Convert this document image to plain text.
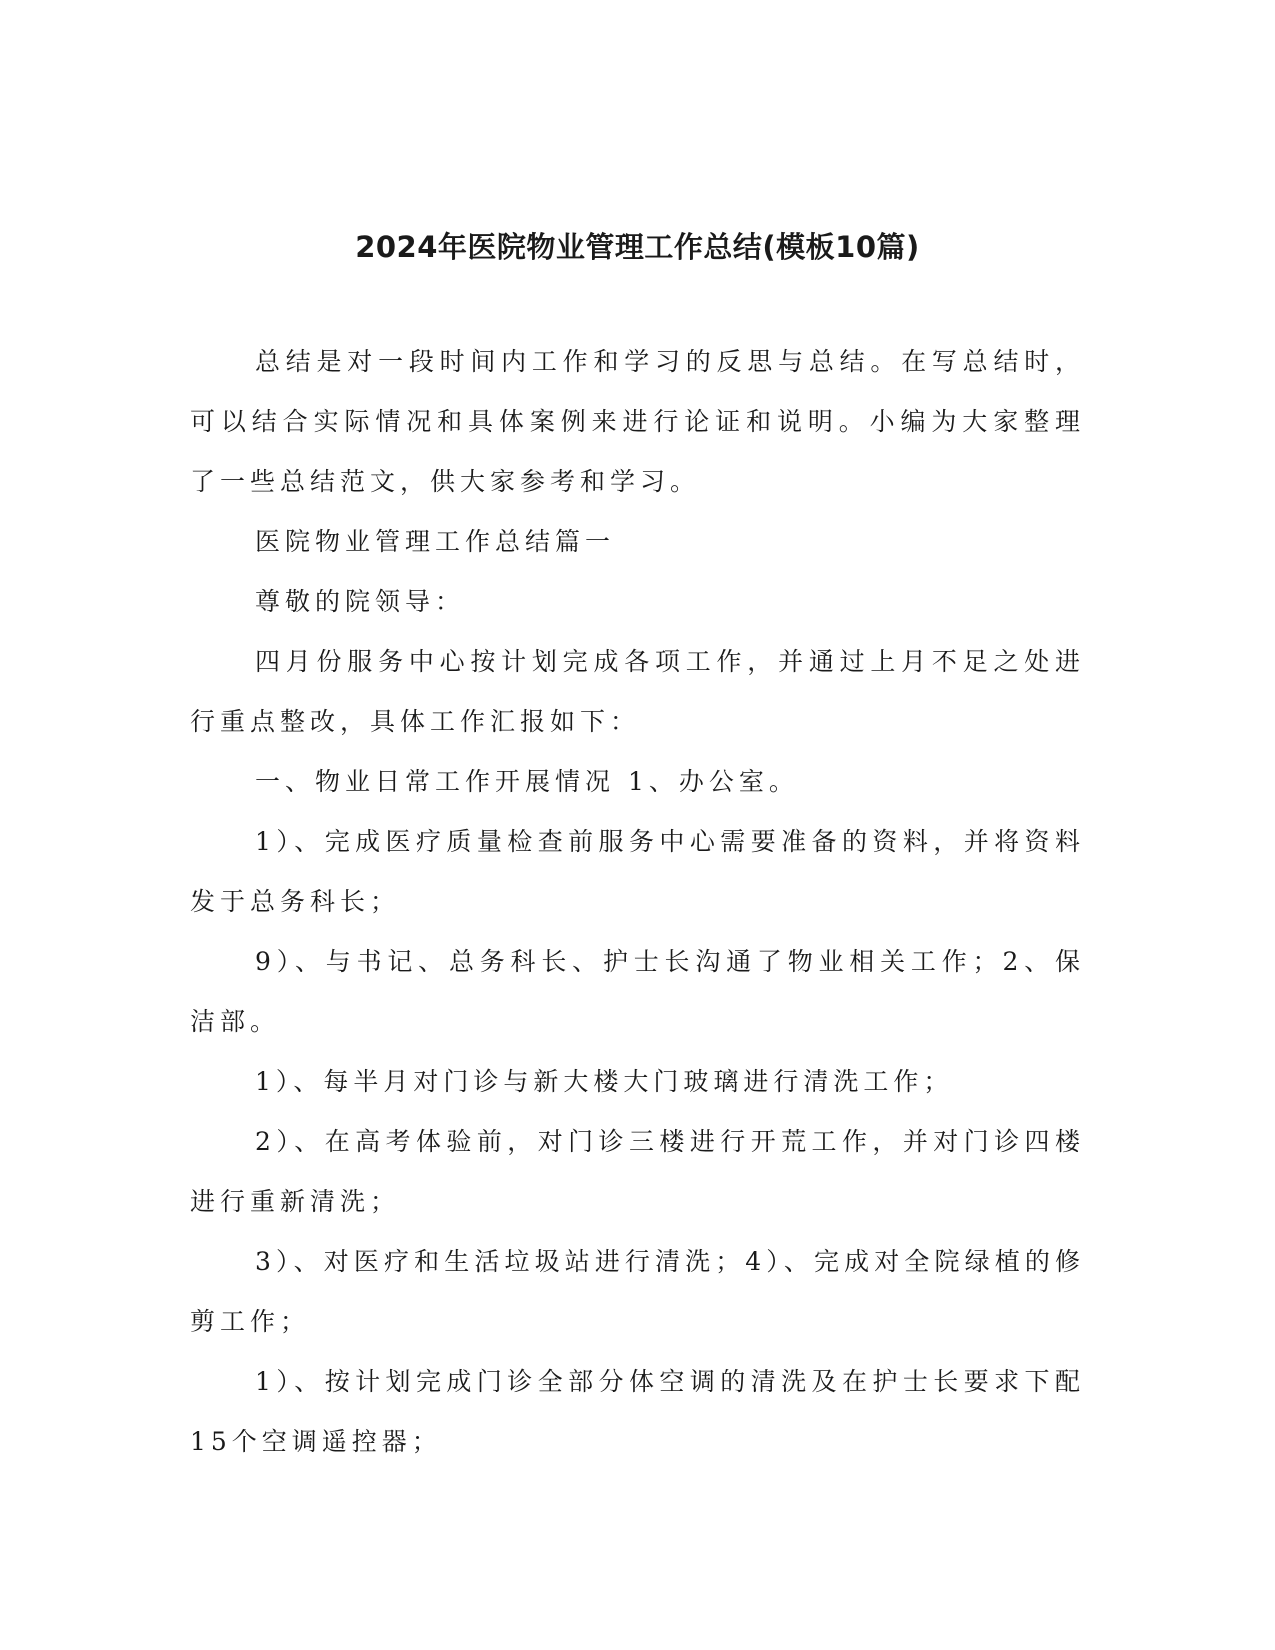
2024年医院物业管理工作总结(模板10篇)

总结是对一段时间内工作和学习的反思与总结。在写总结时，可以结合实际情况和具体案例来进行论证和说明。小编为大家整理了一些总结范文，供大家参考和学习。

医院物业管理工作总结篇一

尊敬的院领导：

四月份服务中心按计划完成各项工作，并通过上月不足之处进行重点整改，具体工作汇报如下：

一、物业日常工作开展情况 1、办公室。

1）、完成医疗质量检查前服务中心需要准备的资料，并将资料发于总务科长；

9）、与书记、总务科长、护士长沟通了物业相关工作；2、保洁部。

1）、每半月对门诊与新大楼大门玻璃进行清洗工作；

2）、在高考体验前，对门诊三楼进行开荒工作，并对门诊四楼进行重新清洗；

3）、对医疗和生活垃圾站进行清洗；4）、完成对全院绿植的修剪工作；

1）、按计划完成门诊全部分体空调的清洗及在护士长要求下配15个空调遥控器；
